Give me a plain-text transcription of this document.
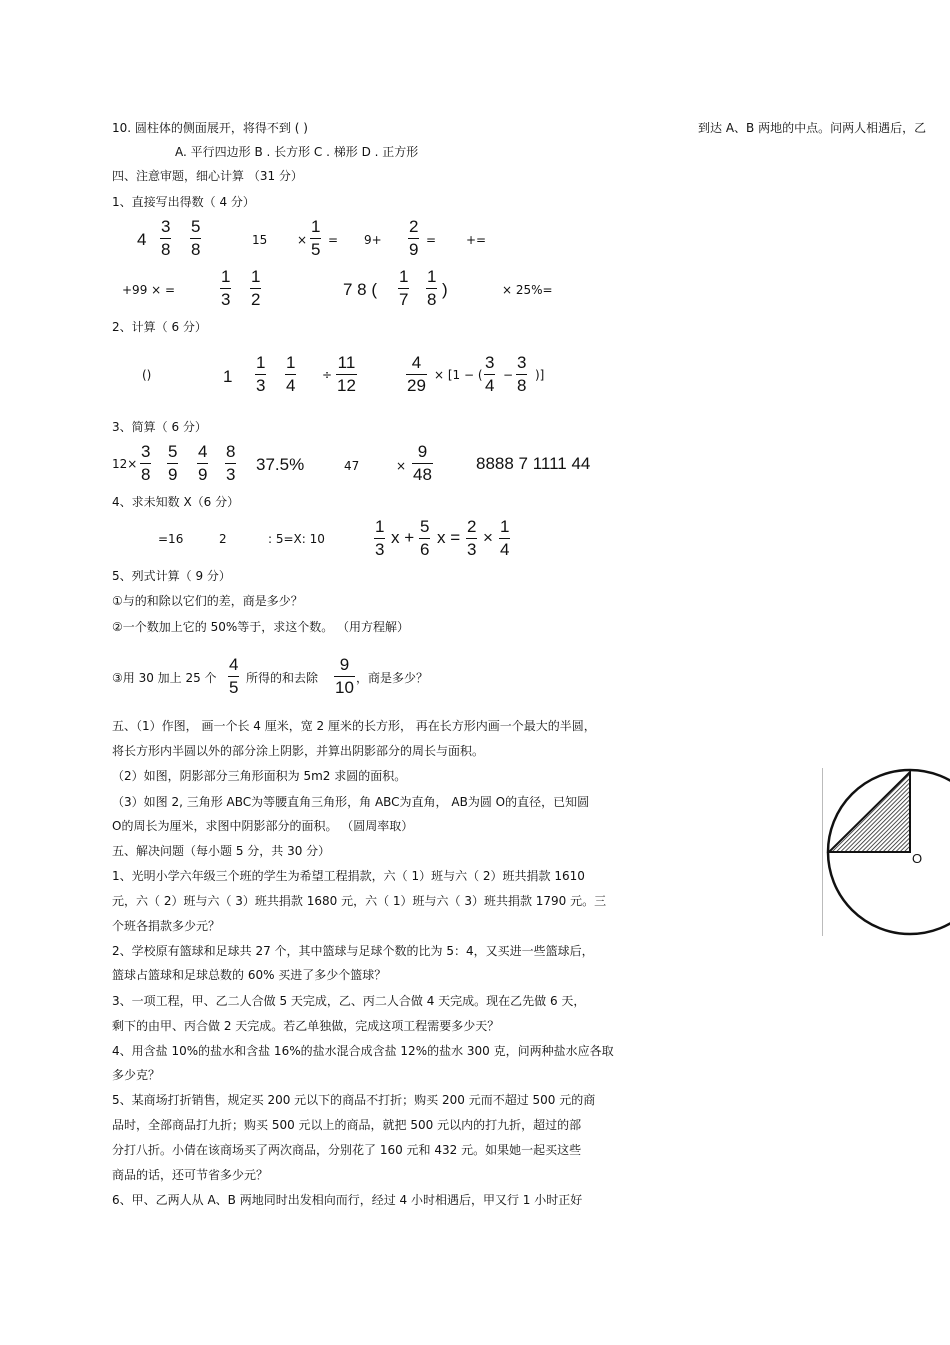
到达 A、B 两地的中点。问两人相遇后，乙
10. 圆柱体的侧面展开，将得不到 ( )
A. 平行四边形 B . 长方形 C . 梯形 D . 正方形
四、注意审题，细心计算 （31 分）
1、直接写出得数（ 4 分）
4
3
8
5
8	15 ×
1
5 = 9+
2
9 = +=
+99 × =
1
3
1
2
7 8 (
1
7
1
8
)	× 25%=
2、计算（ 6 分）
()	1
1
3
1
4
÷
11
12
4
29
× [1 − (
3
4
−
3
8
)]
3、简算（ 6 分）
12×
3
8
5
9
4
9
8
3
37.5%	47	×
9
48
8888 7 1111 44
4、求未知数 X（6 分）
=16	2	: 5=X: 10
1
3
x +
5
6
x =
2
3
×
1
4
5、列式计算（ 9 分）
①与的和除以它们的差，商是多少？
②一个数加上它的 50%等于，求这个数。 （用方程解）
③用 30 加上 25 个
4
5 所得的和去除
9
10 ，商是多少？
五、（1）作图， 画一个长 4 厘米，宽 2 厘米的长方形， 再在长方形内画一个最大的半圆，
将长方形内半圆以外的部分涂上阴影，并算出阴影部分的周长与面积。
（2）如图，阴影部分三角形面积为 5m2 求圆的面积。
（3）如图 2, 三角形 ABC为等腰直角三角形，角 ABC为直角， AB为圆 O的直径，已知圆
O的周长为厘米，求图中阴影部分的面积。 （圆周率取）
五、解决问题（每小题 5 分，共 30 分）
1、光明小学六年级三个班的学生为希望工程捐款，六（ 1）班与六（ 2）班共捐款 1610
元，六（ 2）班与六（ 3）班共捐款 1680 元，六（ 1）班与六（ 3）班共捐款 1790 元。三
个班各捐款多少元？
2、学校原有篮球和足球共 27 个，其中篮球与足球个数的比为 5：4，又买进一些篮球后，
篮球占篮球和足球总数的 60% 买进了多少个篮球？
3、一项工程，甲、乙二人合做 5 天完成，乙、丙二人合做 4 天完成。现在乙先做 6 天，
剩下的由甲、丙合做 2 天完成。若乙单独做，完成这项工程需要多少天？
4、用含盐 10%的盐水和含盐 16%的盐水混合成含盐 12%的盐水 300 克，问两种盐水应各取
多少克？
5、某商场打折销售，规定买 200 元以下的商品不打折；购买 200 元而不超过 500 元的商
品时，全部商品打九折；购买 500 元以上的商品，就把 500 元以内的打九折，超过的部
分打八折。小倩在该商场买了两次商品，分别花了 160 元和 432 元。如果她一起买这些
商品的话，还可节省多少元？
6、甲、乙两人从 A、B 两地同时出发相向而行，经过 4 小时相遇后，甲又行 1 小时正好
O
